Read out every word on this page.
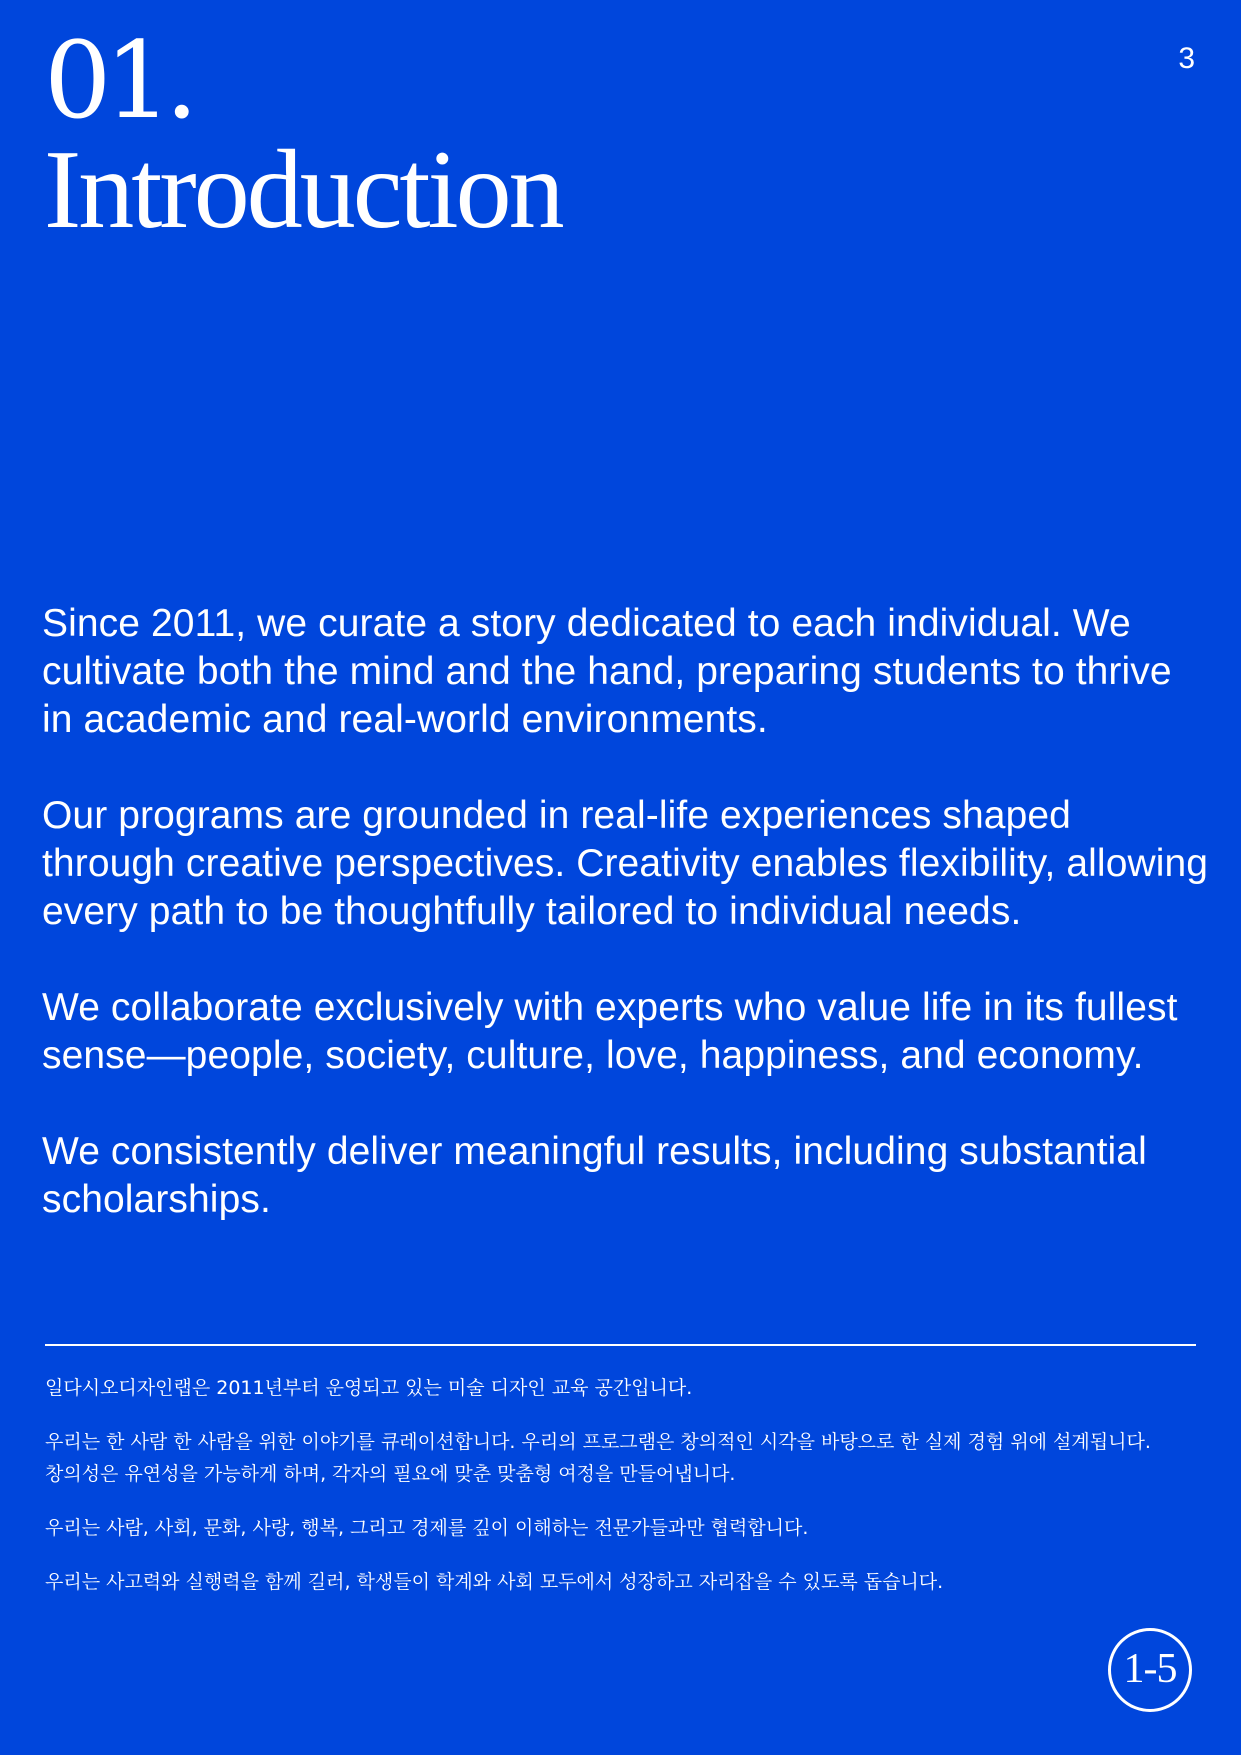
01.
Introduction
3

Since 2011, we curate a story dedicated to each individual. We cultivate both the mind and the hand, preparing students to thrive in academic and real-world environments.

Our programs are grounded in real-life experiences shaped through creative perspectives. Creativity enables flexibility, allowing every path to be thoughtfully tailored to individual needs.

We collaborate exclusively with experts who value life in its fullest sense—people, society, culture, love, happiness, and economy.

We consistently deliver meaningful results, including substantial scholarships.

일다시오디자인랩은 2011년부터 운영되고 있는 미술 디자인 교육 공간입니다.

우리는 한 사람 한 사람을 위한 이야기를 큐레이션합니다. 우리의 프로그램은 창의적인 시각을 바탕으로 한 실제 경험 위에 설계됩니다. 창의성은 유연성을 가능하게 하며, 각자의 필요에 맞춘 맞춤형 여정을 만들어냅니다.

우리는 사람, 사회, 문화, 사랑, 행복, 그리고 경제를 깊이 이해하는 전문가들과만 협력합니다.

우리는 사고력와 실행력을 함께 길러, 학생들이 학계와 사회 모두에서 성장하고 자리잡을 수 있도록 돕습니다.

1-5
